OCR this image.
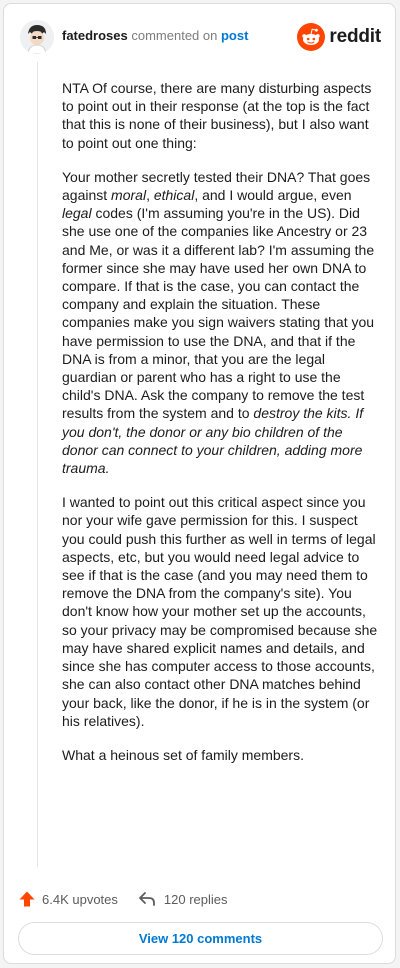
fatedroses commented on post	reddit

NTA Of course, there are many disturbing aspects to point out in their response (at the top is the fact that this is none of their business), but I also want to point out one thing:

Your mother secretly tested their DNA? That goes against moral, ethical, and I would argue, even legal codes (I'm assuming you're in the US). Did she use one of the companies like Ancestry or 23 and Me, or was it a different lab? I'm assuming the former since she may have used her own DNA to compare. If that is the case, you can contact the company and explain the situation. These companies make you sign waivers stating that you have permission to use the DNA, and that if the DNA is from a minor, that you are the legal guardian or parent who has a right to use the child's DNA. Ask the company to remove the test results from the system and to destroy the kits. If you don't, the donor or any bio children of the donor can connect to your children, adding more trauma.

I wanted to point out this critical aspect since you nor your wife gave permission for this. I suspect you could push this further as well in terms of legal aspects, etc, but you would need legal advice to see if that is the case (and you may need them to remove the DNA from the company's site). You don't know how your mother set up the accounts, so your privacy may be compromised because she may have shared explicit names and details, and since she has computer access to those accounts, she can also contact other DNA matches behind your back, like the donor, if he is in the system (or his relatives).

What a heinous set of family members.

6.4K upvotes	120 replies
View 120 comments
